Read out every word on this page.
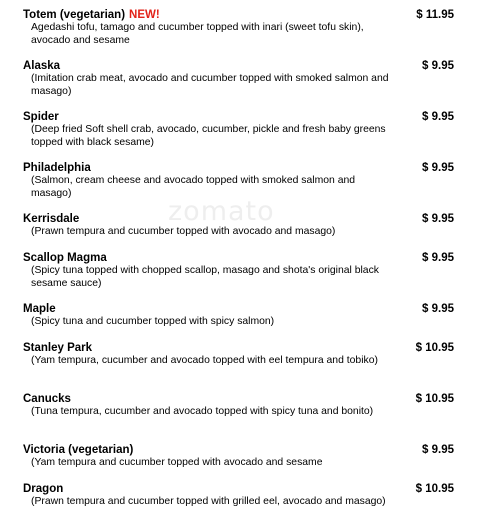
Totem (vegetarian) NEW!	$ 11.95
Agedashi tofu, tamago and cucumber topped with inari (sweet tofu skin), avocado and sesame
Alaska	$ 9.95
(Imitation crab meat, avocado and cucumber topped with smoked salmon and masago)
Spider	$ 9.95
(Deep fried Soft shell crab, avocado, cucumber, pickle and fresh baby greens topped with black sesame)
Philadelphia	$ 9.95
(Salmon, cream cheese and avocado topped with smoked salmon and masago)
Kerrisdale	$ 9.95
(Prawn tempura and cucumber topped with avocado and masago)
Scallop Magma	$ 9.95
(Spicy tuna topped with chopped scallop, masago and shota's original black sesame sauce)
Maple	$ 9.95
(Spicy tuna and cucumber topped with spicy salmon)
Stanley Park	$ 10.95
(Yam tempura, cucumber and avocado topped with eel tempura and tobiko)
Canucks	$ 10.95
(Tuna tempura, cucumber and avocado topped with spicy tuna and bonito)
Victoria (vegetarian)	$ 9.95
(Yam tempura and cucumber topped with avocado and sesame
Dragon	$ 10.95
(Prawn tempura and cucumber topped with grilled eel, avocado and masago)
zomato
